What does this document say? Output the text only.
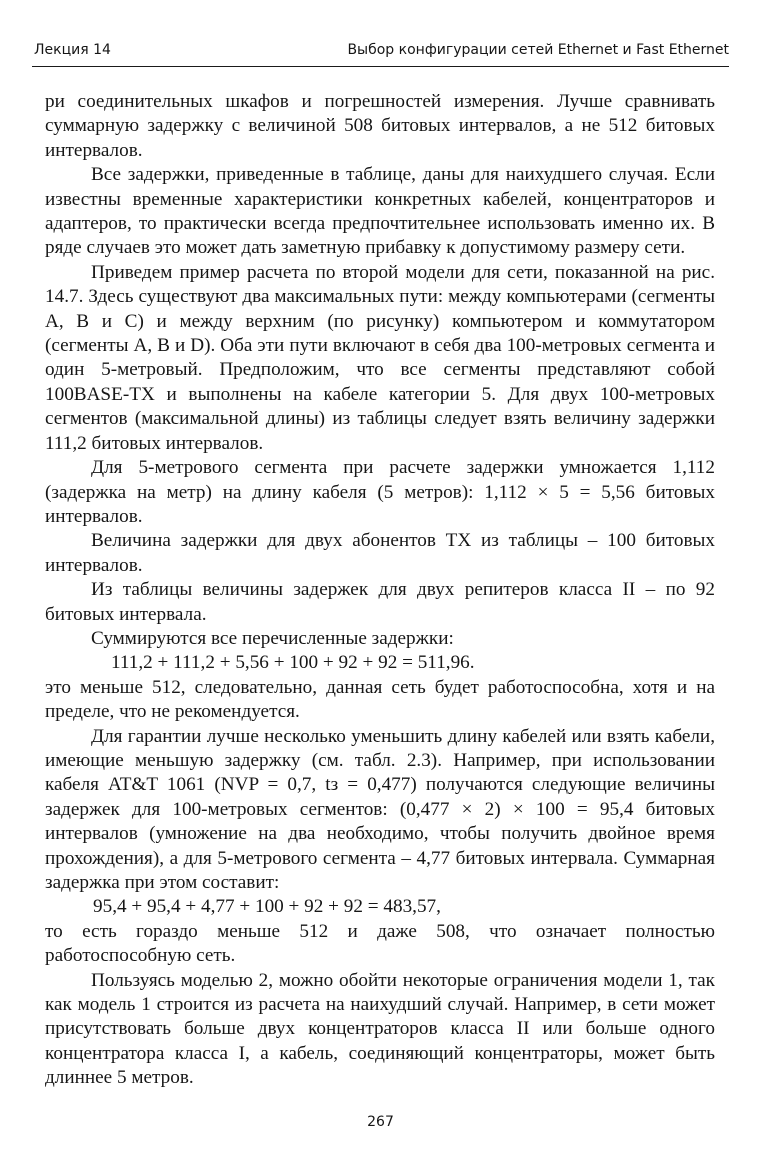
Лекция 14	Выбор конфигурации сетей Ethernet и Fast Ethernet

ри соединительных шкафов и погрешностей измерения. Лучше сравнивать суммарную задержку с величиной 508 битовых интервалов, а не 512 битовых интервалов.

Все задержки, приведенные в таблице, даны для наихудшего случая. Если известны временные характеристики конкретных кабелей, концентраторов и адаптеров, то практически всегда предпочтительнее использовать именно их. В ряде случаев это может дать заметную прибавку к допустимому размеру сети.

Приведем пример расчета по второй модели для сети, показанной на рис. 14.7. Здесь существуют два максимальных пути: между компьютерами (сегменты А, В и С) и между верхним (по рисунку) компьютером и коммутатором (сегменты А, В и D). Оба эти пути включают в себя два 100-метровых сегмента и один 5-метровый. Предположим, что все сегменты представляют собой 100BASE-TX и выполнены на кабеле категории 5. Для двух 100-метровых сегментов (максимальной длины) из таблицы следует взять величину задержки 111,2 битовых интервалов.

Для 5-метрового сегмента при расчете задержки умножается 1,112 (задержка на метр) на длину кабеля (5 метров): 1,112 × 5 = 5,56 битовых интервалов.

Величина задержки для двух абонентов ТХ из таблицы – 100 битовых интервалов.

Из таблицы величины задержек для двух репитеров класса II – по 92 битовых интервала.

Суммируются все перечисленные задержки:

111,2 + 111,2 + 5,56 + 100 + 92 + 92 = 511,96.

это меньше 512, следовательно, данная сеть будет работоспособна, хотя и на пределе, что не рекомендуется.

Для гарантии лучше несколько уменьшить длину кабелей или взять кабели, имеющие меньшую задержку (см. табл. 2.3). Например, при использовании кабеля AT&T 1061 (NVP = 0,7, tз = 0,477) получаются следующие величины задержек для 100-метровых сегментов: (0,477 × 2) × 100 = 95,4 битовых интервалов (умножение на два необходимо, чтобы получить двойное время прохождения), а для 5-метрового сегмента – 4,77 битовых интервала. Суммарная задержка при этом составит:

95,4 + 95,4 + 4,77 + 100 + 92 + 92 = 483,57,

то есть гораздо меньше 512 и даже 508, что означает полностью работоспособную сеть.

Пользуясь моделью 2, можно обойти некоторые ограничения модели 1, так как модель 1 строится из расчета на наихудший случай. Например, в сети может присутствовать больше двух концентраторов класса II или больше одного концентратора класса I, а кабель, соединяющий концентраторы, может быть длиннее 5 метров.

267
